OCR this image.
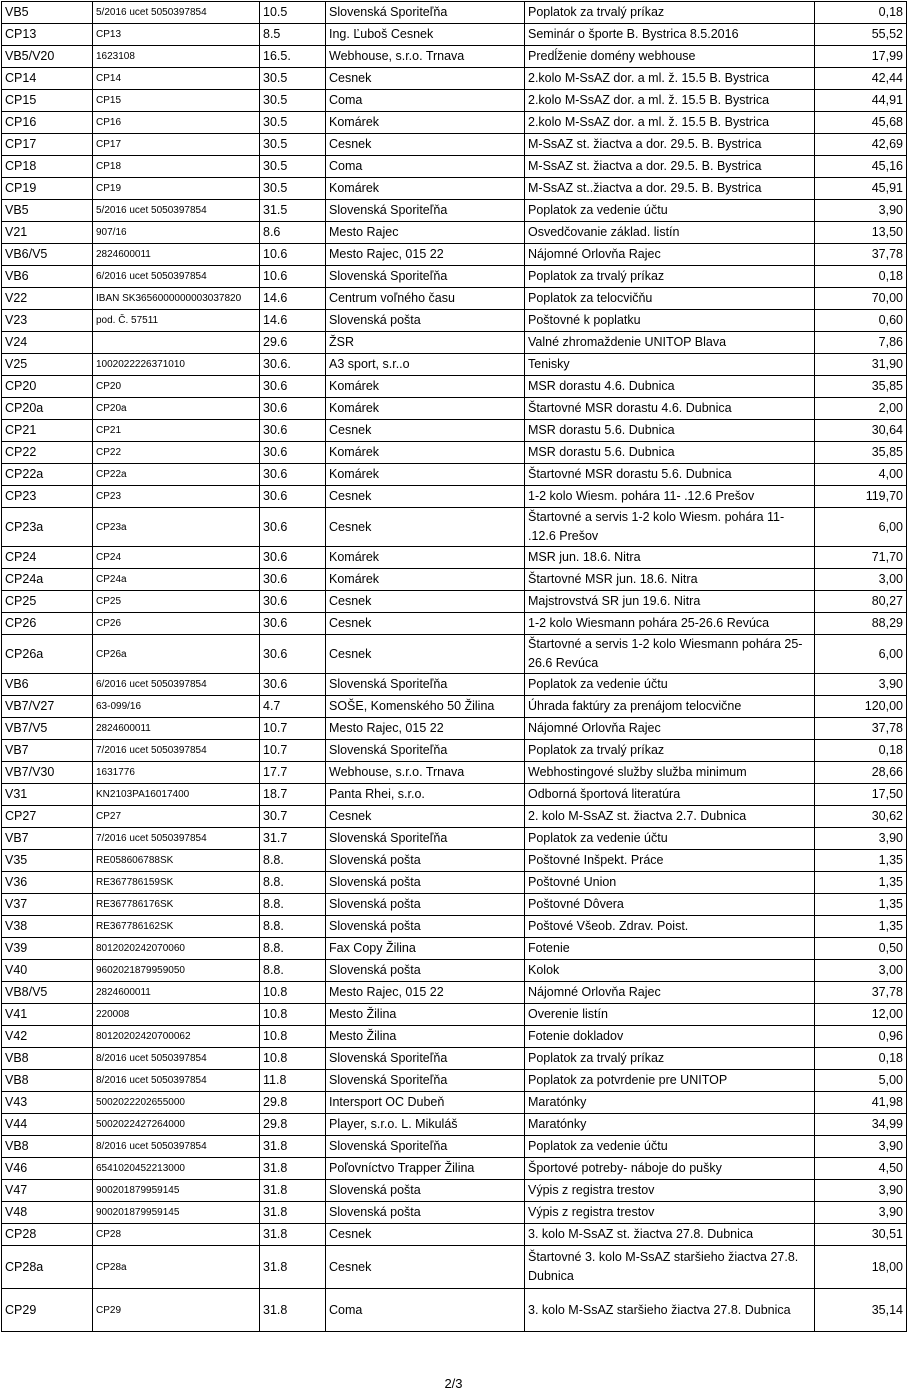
VB5	5/2016 ucet 5050397854	10.5	Slovenská Sporiteľňa	Poplatok za trvalý príkaz	0,18
CP13	CP13	8.5	Ing. Ľuboš Cesnek	Seminár o športe B. Bystrica 8.5.2016	55,52
VB5/V20	1623108	16.5.	Webhouse, s.r.o. Trnava	Predĺženie domény webhouse	17,99
CP14	CP14	30.5	Cesnek	2.kolo M-SsAZ dor. a ml. ž. 15.5 B. Bystrica	42,44
CP15	CP15	30.5	Coma	2.kolo M-SsAZ dor. a ml. ž. 15.5 B. Bystrica	44,91
CP16	CP16	30.5	Komárek	2.kolo M-SsAZ dor. a ml. ž. 15.5 B. Bystrica	45,68
CP17	CP17	30.5	Cesnek	M-SsAZ st. žiactva a dor. 29.5. B. Bystrica	42,69
CP18	CP18	30.5	Coma	M-SsAZ st. žiactva a dor. 29.5. B. Bystrica	45,16
CP19	CP19	30.5	Komárek	M-SsAZ st..žiactva a dor. 29.5. B. Bystrica	45,91
VB5	5/2016 ucet 5050397854	31.5	Slovenská Sporiteľňa	Poplatok za vedenie účtu	3,90
V21	907/16	8.6	Mesto Rajec	Osvedčovanie základ. listín	13,50
VB6/V5	2824600011	10.6	Mesto Rajec, 015 22	Nájomné Orlovňa Rajec	37,78
VB6	6/2016 ucet 5050397854	10.6	Slovenská Sporiteľňa	Poplatok za trvalý príkaz	0,18
V22	IBAN SK3656000000003037820	14.6	Centrum voľného času	Poplatok za telocvičňu	70,00
V23	pod. Č. 57511	14.6	Slovenská pošta	Poštovné k poplatku	0,60
V24		29.6	ŽSR	Valné zhromaždenie UNITOP Blava	7,86
V25	1002022226371010	30.6.	A3 sport, s.r..o	Tenisky	31,90
CP20	CP20	30.6	Komárek	MSR dorastu 4.6. Dubnica	35,85
CP20a	CP20a	30.6	Komárek	Štartovné MSR dorastu 4.6. Dubnica	2,00
CP21	CP21	30.6	Cesnek	MSR dorastu 5.6. Dubnica	30,64
CP22	CP22	30.6	Komárek	MSR dorastu 5.6. Dubnica	35,85
CP22a	CP22a	30.6	Komárek	Štartovné MSR dorastu 5.6. Dubnica	4,00
CP23	CP23	30.6	Cesnek	1-2 kolo Wiesm. pohára 11- .12.6 Prešov	119,70
CP23a	CP23a	30.6	Cesnek	Štartovné a servis 1-2 kolo Wiesm. pohára 11- .12.6 Prešov	6,00
CP24	CP24	30.6	Komárek	MSR jun. 18.6. Nitra	71,70
CP24a	CP24a	30.6	Komárek	Štartovné MSR jun. 18.6. Nitra	3,00
CP25	CP25	30.6	Cesnek	Majstrovstvá SR jun 19.6. Nitra	80,27
CP26	CP26	30.6	Cesnek	1-2 kolo Wiesmann pohára 25-26.6 Revúca	88,29
CP26a	CP26a	30.6	Cesnek	Štartovné a servis 1-2 kolo Wiesmann pohára 25-26.6 Revúca	6,00
VB6	6/2016 ucet 5050397854	30.6	Slovenská Sporiteľňa	Poplatok za vedenie účtu	3,90
VB7/V27	63-099/16	4.7	SOŠE, Komenského 50 Žilina	Úhrada faktúry za prenájom telocvične	120,00
VB7/V5	2824600011	10.7	Mesto Rajec, 015 22	Nájomné Orlovňa Rajec	37,78
VB7	7/2016 ucet 5050397854	10.7	Slovenská Sporiteľňa	Poplatok za trvalý príkaz	0,18
VB7/V30	1631776	17.7	Webhouse, s.r.o. Trnava	Webhostingové služby služba minimum	28,66
V31	KN2103PA16017400	18.7	Panta Rhei, s.r.o.	Odborná športová literatúra	17,50
CP27	CP27	30.7	Cesnek	2. kolo M-SsAZ st. žiactva 2.7. Dubnica	30,62
VB7	7/2016 ucet 5050397854	31.7	Slovenská Sporiteľňa	Poplatok za vedenie účtu	3,90
V35	RE058606788SK	8.8.	Slovenská pošta	Poštovné Inšpekt. Práce	1,35
V36	RE367786159SK	8.8.	Slovenská pošta	Poštovné Union	1,35
V37	RE367786176SK	8.8.	Slovenská pošta	Poštovné Dôvera	1,35
V38	RE367786162SK	8.8.	Slovenská pošta	Poštové Všeob. Zdrav. Poist.	1,35
V39	8012020242070060	8.8.	Fax Copy Žilina	Fotenie	0,50
V40	9602021879959050	8.8.	Slovenská pošta	Kolok	3,00
VB8/V5	2824600011	10.8	Mesto Rajec, 015 22	Nájomné Orlovňa Rajec	37,78
V41	220008	10.8	Mesto Žilina	Overenie listín	12,00
V42	80120202420700062	10.8	Mesto Žilina	Fotenie dokladov	0,96
VB8	8/2016 ucet 5050397854	10.8	Slovenská Sporiteľňa	Poplatok za trvalý príkaz	0,18
VB8	8/2016 ucet 5050397854	11.8	Slovenská Sporiteľňa	Poplatok za potvrdenie pre UNITOP	5,00
V43	5002022202655000	29.8	Intersport OC Dubeň	Maratónky	41,98
V44	5002022427264000	29.8	Player, s.r.o. L. Mikuláš	Maratónky	34,99
VB8	8/2016 ucet 5050397854	31.8	Slovenská Sporiteľňa	Poplatok za vedenie účtu	3,90
V46	6541020452213000	31.8	Poľovníctvo Trapper Žilina	Športové potreby- náboje do pušky	4,50
V47	900201879959145	31.8	Slovenská pošta	Výpis z registra trestov	3,90
V48	900201879959145	31.8	Slovenská pošta	Výpis z registra trestov	3,90
CP28	CP28	31.8	Cesnek	3. kolo M-SsAZ st. žiactva 27.8. Dubnica	30,51
CP28a	CP28a	31.8	Cesnek	Štartovné 3. kolo M-SsAZ staršieho žiactva 27.8. Dubnica	18,00
CP29	CP29	31.8	Coma	3. kolo M-SsAZ staršieho žiactva 27.8. Dubnica	35,14
2/3
